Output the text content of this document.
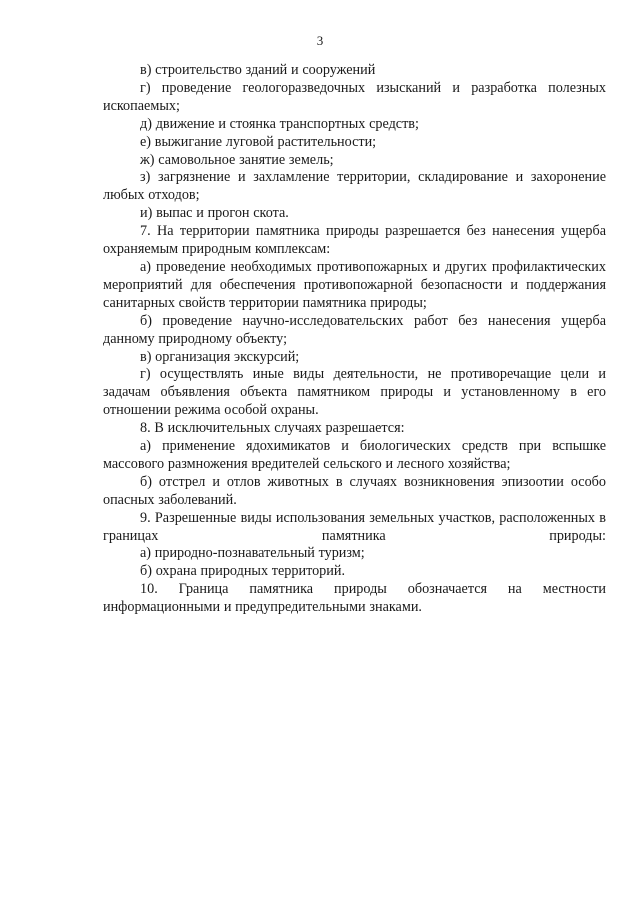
3

в) строительство зданий и сооружений

г) проведение геологоразведочных изысканий и разработка полезных ископаемых;

д) движение и стоянка транспортных средств;

е) выжигание луговой растительности;

ж) самовольное занятие земель;

з) загрязнение и захламление территории, складирование и захоронение любых отходов;

и) выпас и прогон скота.

7. На территории памятника природы разрешается без нанесения ущерба охраняемым природным комплексам:

а) проведение необходимых противопожарных и других профилактических мероприятий для обеспечения противопожарной безопасности и поддержания санитарных свойств территории памятника природы;

б) проведение научно-исследовательских работ без нанесения ущерба данному природному объекту;

в) организация экскурсий;

г) осуществлять иные виды деятельности, не противоречащие цели и задачам объявления объекта памятником природы и установленному в его отношении режима особой охраны.

8. В исключительных случаях разрешается:

а) применение ядохимикатов и биологических средств при вспышке массового размножения вредителей сельского и лесного хозяйства;

б) отстрел и отлов животных в случаях возникновения эпизоотии особо опасных заболеваний.

9. Разрешенные виды использования земельных участков, расположенных в границах памятника природы:

а) природно-познавательный туризм;

б) охрана природных территорий.

10. Граница памятника природы обозначается на местности информационными и предупредительными знаками.
